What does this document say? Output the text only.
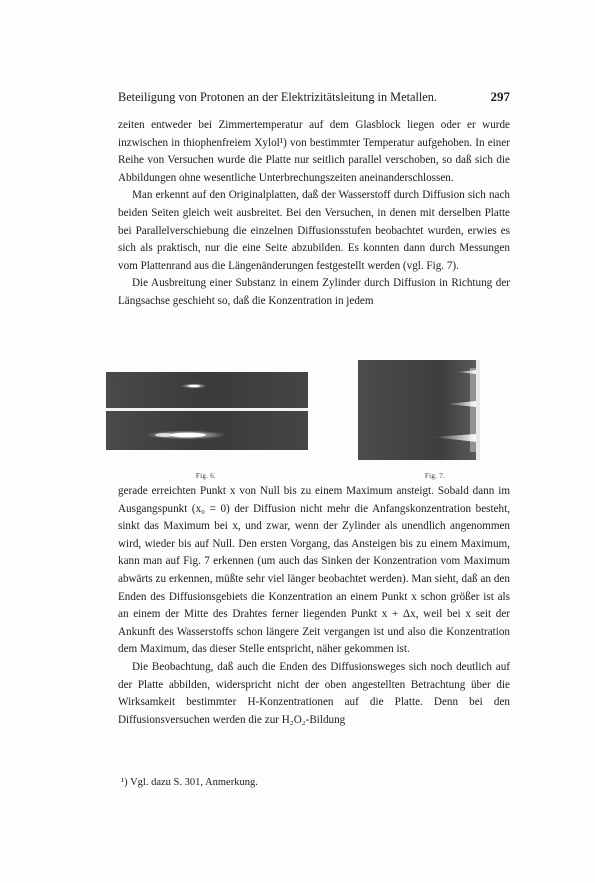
Beteiligung von Protonen an der Elektrizitätsleitung in Metallen.	297

zeiten entweder bei Zimmertemperatur auf dem Glasblock liegen oder er wurde inzwischen in thiophenfreiem Xylol¹) von bestimmter Temperatur aufgehoben. In einer Reihe von Versuchen wurde die Platte nur seitlich parallel verschoben, so daß sich die Abbildungen ohne wesentliche Unterbrechungszeiten aneinanderschlossen.

Man erkennt auf den Originalplatten, daß der Wasserstoff durch Diffusion sich nach beiden Seiten gleich weit ausbreitet. Bei den Versuchen, in denen mit derselben Platte bei Parallelverschiebung die einzelnen Diffusionsstufen beobachtet wurden, erwies es sich als praktisch, nur die eine Seite abzubilden. Es konnten dann durch Messungen vom Plattenrand aus die Längenänderungen festgestellt werden (vgl. Fig. 7).

Die Ausbreitung einer Substanz in einem Zylinder durch Diffusion in Richtung der Längsachse geschieht so, daß die Konzentration in jedem

Fig. 6.	Fig. 7.

gerade erreichten Punkt x von Null bis zu einem Maximum ansteigt. Sobald dann im Ausgangspunkt (x₀ = 0) der Diffusion nicht mehr die Anfangskonzentration besteht, sinkt das Maximum bei x, und zwar, wenn der Zylinder als unendlich angenommen wird, wieder bis auf Null. Den ersten Vorgang, das Ansteigen bis zu einem Maximum, kann man auf Fig. 7 erkennen (um auch das Sinken der Konzentration vom Maximum abwärts zu erkennen, müßte sehr viel länger beobachtet werden). Man sieht, daß an den Enden des Diffusionsgebiets die Konzentration an einem Punkt x schon größer ist als an einem der Mitte des Drahtes ferner liegenden Punkt x + Δx, weil bei x seit der Ankunft des Wasserstoffs schon längere Zeit vergangen ist und also die Konzentration dem Maximum, das dieser Stelle entspricht, näher gekommen ist.

Die Beobachtung, daß auch die Enden des Diffusionsweges sich noch deutlich auf der Platte abbilden, widerspricht nicht der oben angestellten Betrachtung über die Wirksamkeit bestimmter H-Konzentrationen auf die Platte. Denn bei den Diffusionsversuchen werden die zur H₂O₂-Bildung

¹) Vgl. dazu S. 301, Anmerkung.
